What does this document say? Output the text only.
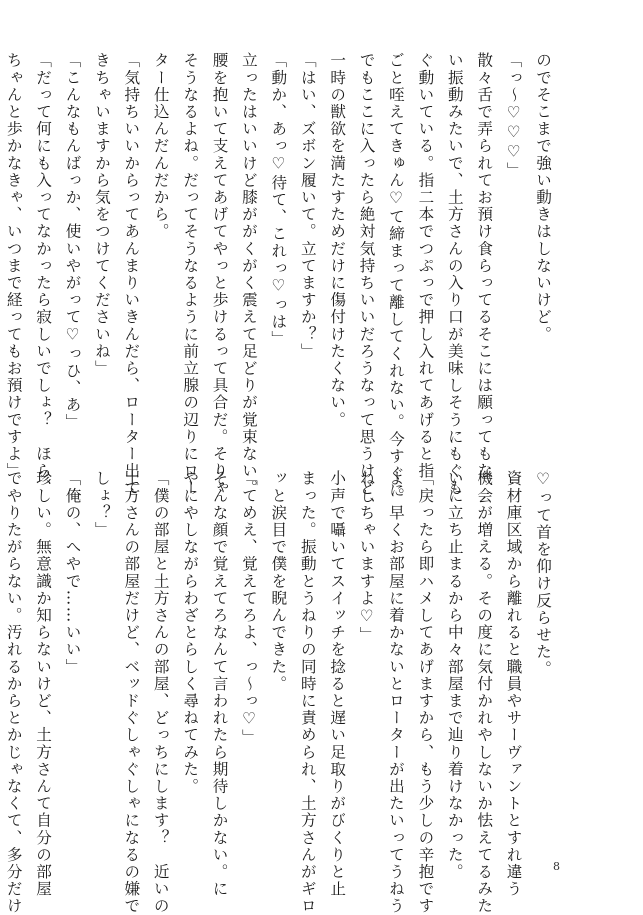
のでそこまで強い動きはしないけど。
「っ〜♡♡♡」
散々舌で弄られてお預け食らってるそこには願ってもな
い振動みたいで、土方さんの入り口が美味しそうにもぐも
ぐ動いている。指二本でつぷっで押し入れてあげると指
ごと咥えてきゅん♡て締まって離してくれない。今すぐに
でもここに入ったら絶対気持ちいいだろうなって思うけど、
一時の獣欲を満たすためだけに傷付けたくない。
「はい、ズボン履いて。立てますか？」
「動か、あっ♡待て、これっ♡っは」
立ったはいいけど膝ががくがく震えて足どりが覚束ない。
腰を抱いて支えてあげてやっと歩けるって具合だ。そりゃ
そうなるよね。だってそうなるように前立腺の辺りにロー
ター仕込んだんだから。
「気持ちいいからってあんまりいきんだら、ローター出て
きちゃいますから気をつけてくださいね」
「こんなもんばっか、使いやがって♡っひ、あ」
「だって何にも入ってなかったら寂しいでしょ？　ほら、
ちゃんと歩かなきゃ、いつまで経ってもお預けですよ」
♡って首を仰け反らせた。
資材庫区域から離れると職員やサーヴァントとすれ違う
機会が増える。その度に気付かれやしないか怯えてるみた
いに立ち止まるから中々部屋まで辿り着けなかった。
「戻ったら即ハメしてあげますから、もう少しの辛抱です
よ。早くお部屋に着かないとローターが出たいってうねう
ねしちゃいますよ♡」
小声で囁いてスイッチを捻ると遅い足取りがびくりと止
まった。振動とうねりの同時に責められ、土方さんがギロ
ッと涙目で僕を睨んできた。
「てめえ、覚えてろよ、っ〜っ♡」
そんな顔で覚えてろなんて言われたら期待しかない。に
やにやしながらわざとらしく尋ねてみた。
「僕の部屋と土方さんの部屋、どっちにします？　近いの
土方さんの部屋だけど、ベッドぐしゃぐしゃになるの嫌で
しょ？」
「俺の、へやで……いい」
珍しい。無意識か知らないけど、土方さんて自分の部屋
でやりたがらない。汚れるからとかじゃなくて、多分だけ	8
